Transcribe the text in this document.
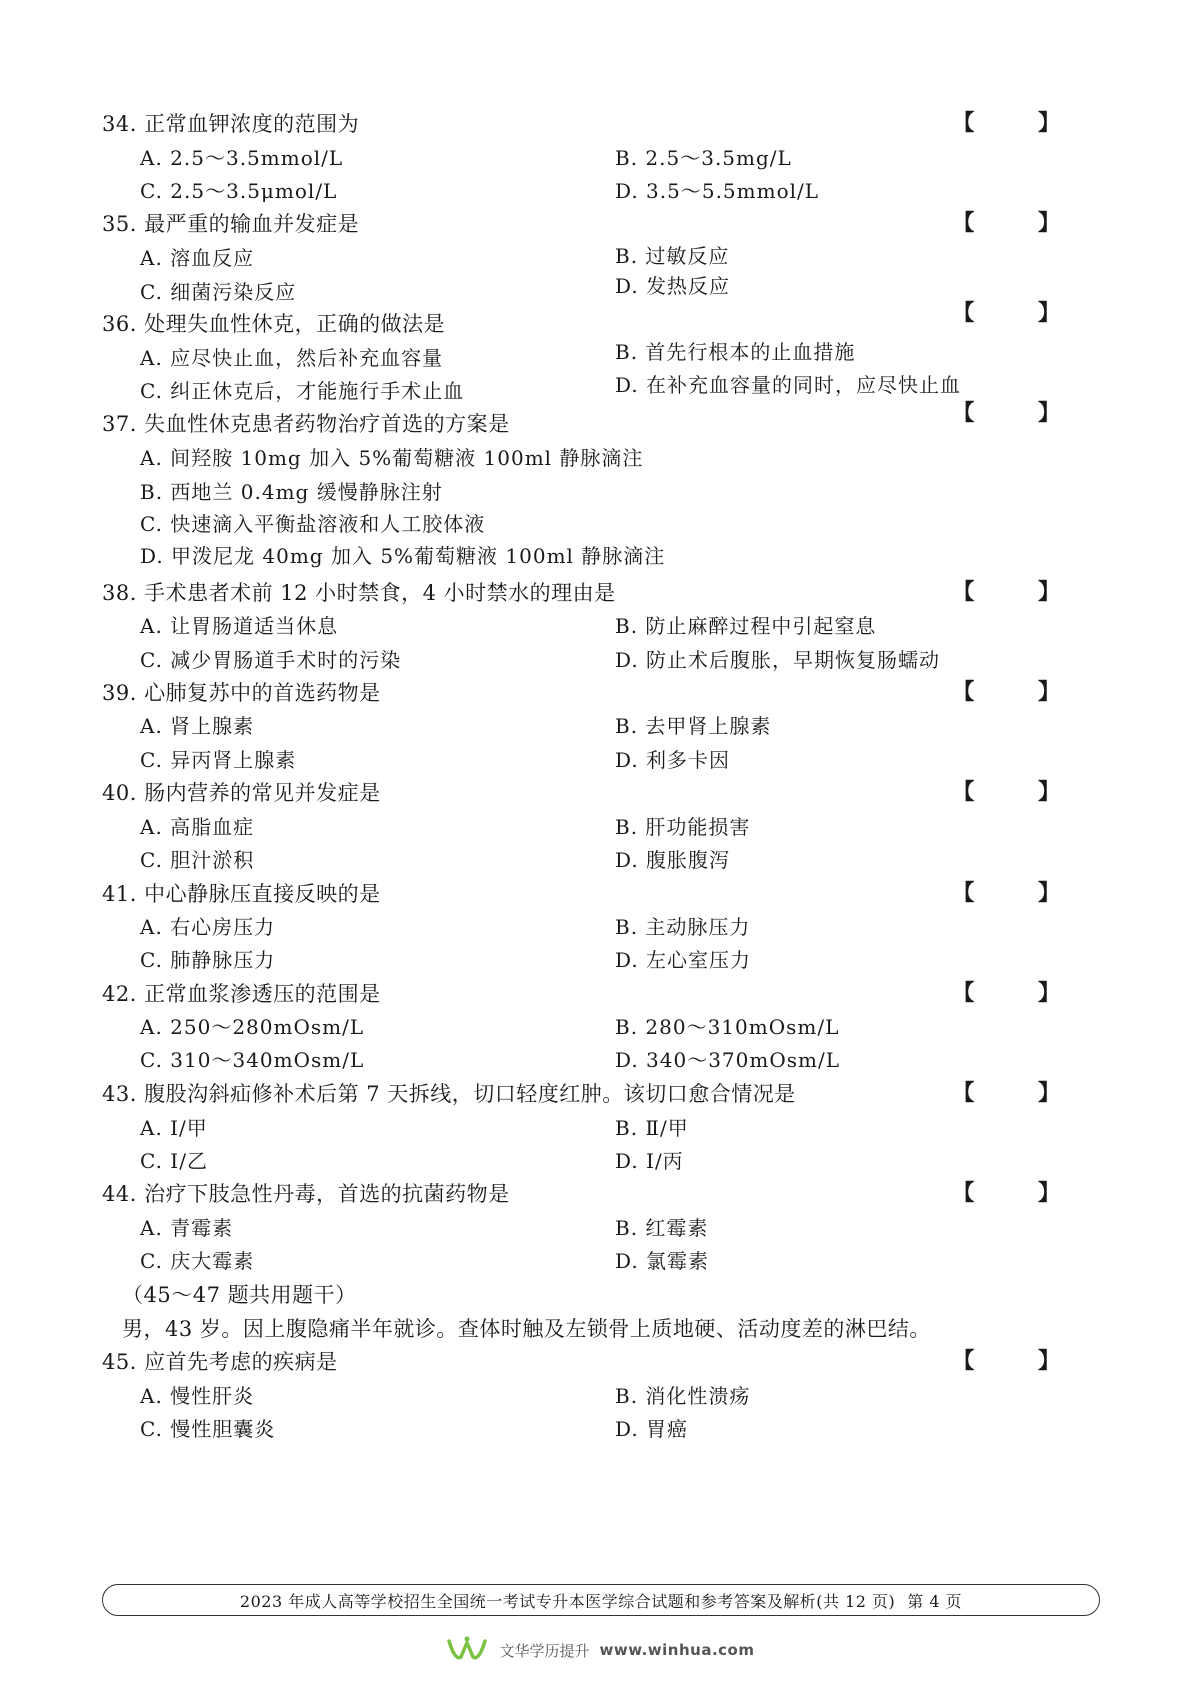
34. 正常血钾浓度的范围为	【 】
A. 2.5～3.5mmol/L	B. 2.5～3.5mg/L
C. 2.5～3.5μmol/L	D. 3.5～5.5mmol/L
35. 最严重的输血并发症是	【 】
A. 溶血反应	B. 过敏反应
C. 细菌污染反应	D. 发热反应
36. 处理失血性休克，正确的做法是	【 】
A. 应尽快止血，然后补充血容量	B. 首先行根本的止血措施
C. 纠正休克后，才能施行手术止血	D. 在补充血容量的同时，应尽快止血
37. 失血性休克患者药物治疗首选的方案是	【 】
A. 间羟胺 10mg 加入 5%葡萄糖液 100ml 静脉滴注
B. 西地兰 0.4mg 缓慢静脉注射
C. 快速滴入平衡盐溶液和人工胶体液
D. 甲泼尼龙 40mg 加入 5%葡萄糖液 100ml 静脉滴注
38. 手术患者术前 12 小时禁食，4 小时禁水的理由是	【 】
A. 让胃肠道适当休息	B. 防止麻醉过程中引起窒息
C. 减少胃肠道手术时的污染	D. 防止术后腹胀，早期恢复肠蠕动
39. 心肺复苏中的首选药物是	【 】
A. 肾上腺素	B. 去甲肾上腺素
C. 异丙肾上腺素	D. 利多卡因
40. 肠内营养的常见并发症是	【 】
A. 高脂血症	B. 肝功能损害
C. 胆汁淤积	D. 腹胀腹泻
41. 中心静脉压直接反映的是	【 】
A. 右心房压力	B. 主动脉压力
C. 肺静脉压力	D. 左心室压力
42. 正常血浆渗透压的范围是	【 】
A. 250～280mOsm/L	B. 280～310mOsm/L
C. 310～340mOsm/L	D. 340～370mOsm/L
43. 腹股沟斜疝修补术后第 7 天拆线，切口轻度红肿。该切口愈合情况是	【 】
A. Ⅰ/甲	B. Ⅱ/甲
C. Ⅰ/乙	D. Ⅰ/丙
44. 治疗下肢急性丹毒，首选的抗菌药物是	【 】
A. 青霉素	B. 红霉素
C. 庆大霉素	D. 氯霉素
（45～47 题共用题干）
男，43 岁。因上腹隐痛半年就诊。查体时触及左锁骨上质地硬、活动度差的淋巴结。
45. 应首先考虑的疾病是	【 】
A. 慢性肝炎	B. 消化性溃疡
C. 慢性胆囊炎	D. 胃癌
2023 年成人高等学校招生全国统一考试专升本医学综合试题和参考答案及解析(共 12 页) 第 4 页
文华学历提升 www.winhua.com
